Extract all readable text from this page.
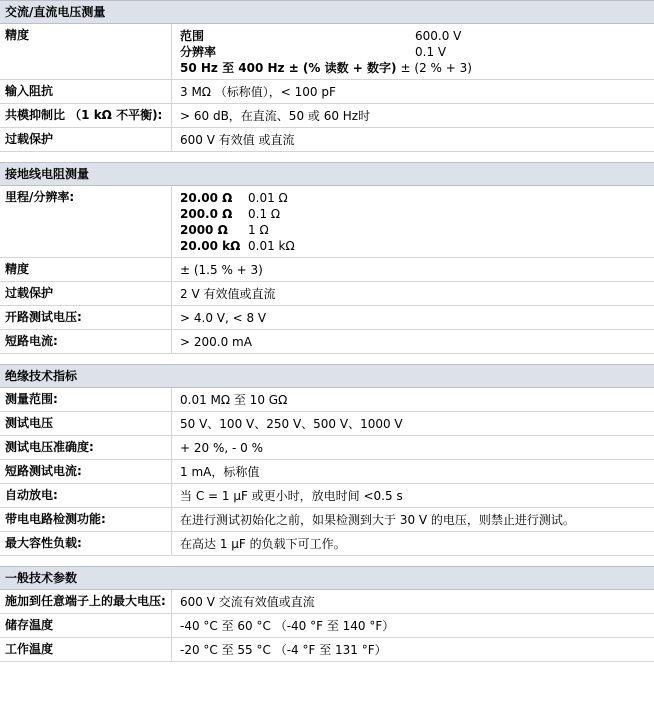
交流/直流电压测量
精度	范围	600.0 V
分辨率	0.1 V
50 Hz 至 400 Hz ± (% 读数 + 数字) ± (2 % + 3)
输入阻抗	3 MΩ （标称值），< 100 pF
共模抑制比 （1 kΩ 不平衡):	> 60 dB，在直流、50 或 60 Hz时
过载保护	600 V 有效值 或直流
接地线电阻测量
里程/分辨率:	20.00 Ω	0.01 Ω
200.0 Ω	0.1 Ω
2000 Ω	1 Ω
20.00 kΩ 0.01 kΩ
精度	± (1.5 % + 3)
过载保护	2 V 有效值或直流
开路测试电压:	> 4.0 V, < 8 V
短路电流:	> 200.0 mA
绝缘技术指标
测量范围:	0.01 MΩ 至 10 GΩ
测试电压	50 V、100 V、250 V、500 V、1000 V
测试电压准确度:	+ 20 %, - 0 %
短路测试电流:	1 mA，标称值
自动放电:	当 C = 1 μF 或更小时，放电时间 <0.5 s
带电电路检测功能:	在进行测试初始化之前，如果检测到大于 30 V 的电压，则禁止进行测试。
最大容性负载:	在高达 1 μF 的负载下可工作。
一般技术参数
施加到任意端子上的最大电压:	600 V 交流有效值或直流
储存温度	-40 °C 至 60 °C （-40 °F 至 140 °F）
工作温度	-20 °C 至 55 °C （-4 °F 至 131 °F）
